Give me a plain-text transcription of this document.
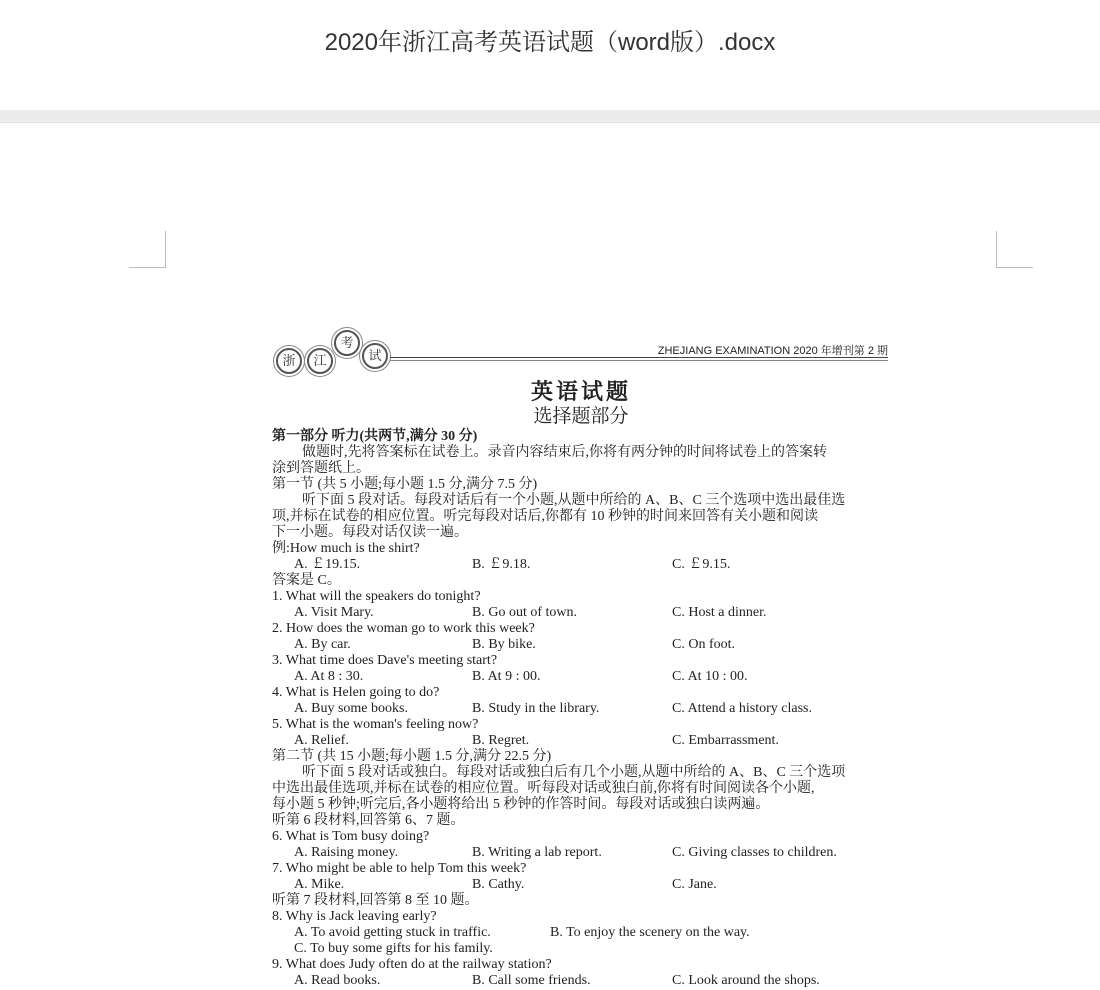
2020年浙江高考英语试题（word版）.docx
浙	江
考
试	ZHEJIANG EXAMINATION 2020 年增刊第 2 期
英语试题
选择题部分
第一部分 听力(共两节,满分 30 分)
做题时,先将答案标在试卷上。录音内容结束后,你将有两分钟的时间将试卷上的答案转
涂到答题纸上。
第一节 (共 5 小题;每小题 1.5 分,满分 7.5 分)
听下面 5 段对话。每段对话后有一个小题,从题中所给的 A、B、C 三个选项中选出最佳选
项,并标在试卷的相应位置。听完每段对话后,你都有 10 秒钟的时间来回答有关小题和阅读
下一小题。每段对话仅读一遍。
例:How much is the shirt?
A. ￡19.15.	B. ￡9.18.	C. ￡9.15.
答案是 C。
1. What will the speakers do tonight?
A. Visit Mary.	B. Go out of town.	C. Host a dinner.
2. How does the woman go to work this week?
A. By car.	B. By bike.	C. On foot.
3. What time does Dave's meeting start?
A. At 8 : 30.	B. At 9 : 00.	C. At 10 : 00.
4. What is Helen going to do?
A. Buy some books.	B. Study in the library.	C. Attend a history class.
5. What is the woman's feeling now?
A. Relief.	B. Regret.	C. Embarrassment.
第二节 (共 15 小题;每小题 1.5 分,满分 22.5 分)
听下面 5 段对话或独白。每段对话或独白后有几个小题,从题中所给的 A、B、C 三个选项
中选出最佳选项,并标在试卷的相应位置。听每段对话或独白前,你将有时间阅读各个小题,
每小题 5 秒钟;听完后,各小题将给出 5 秒钟的作答时间。每段对话或独白读两遍。
听第 6 段材料,回答第 6、7 题。
6. What is Tom busy doing?
A. Raising money.	B. Writing a lab report.	C. Giving classes to children.
7. Who might be able to help Tom this week?
A. Mike.	B. Cathy.	C. Jane.
听第 7 段材料,回答第 8 至 10 题。
8. Why is Jack leaving early?
A. To avoid getting stuck in traffic.	B. To enjoy the scenery on the way.
C. To buy some gifts for his family.
9. What does Judy often do at the railway station?
A. Read books.	B. Call some friends.	C. Look around the shops.
